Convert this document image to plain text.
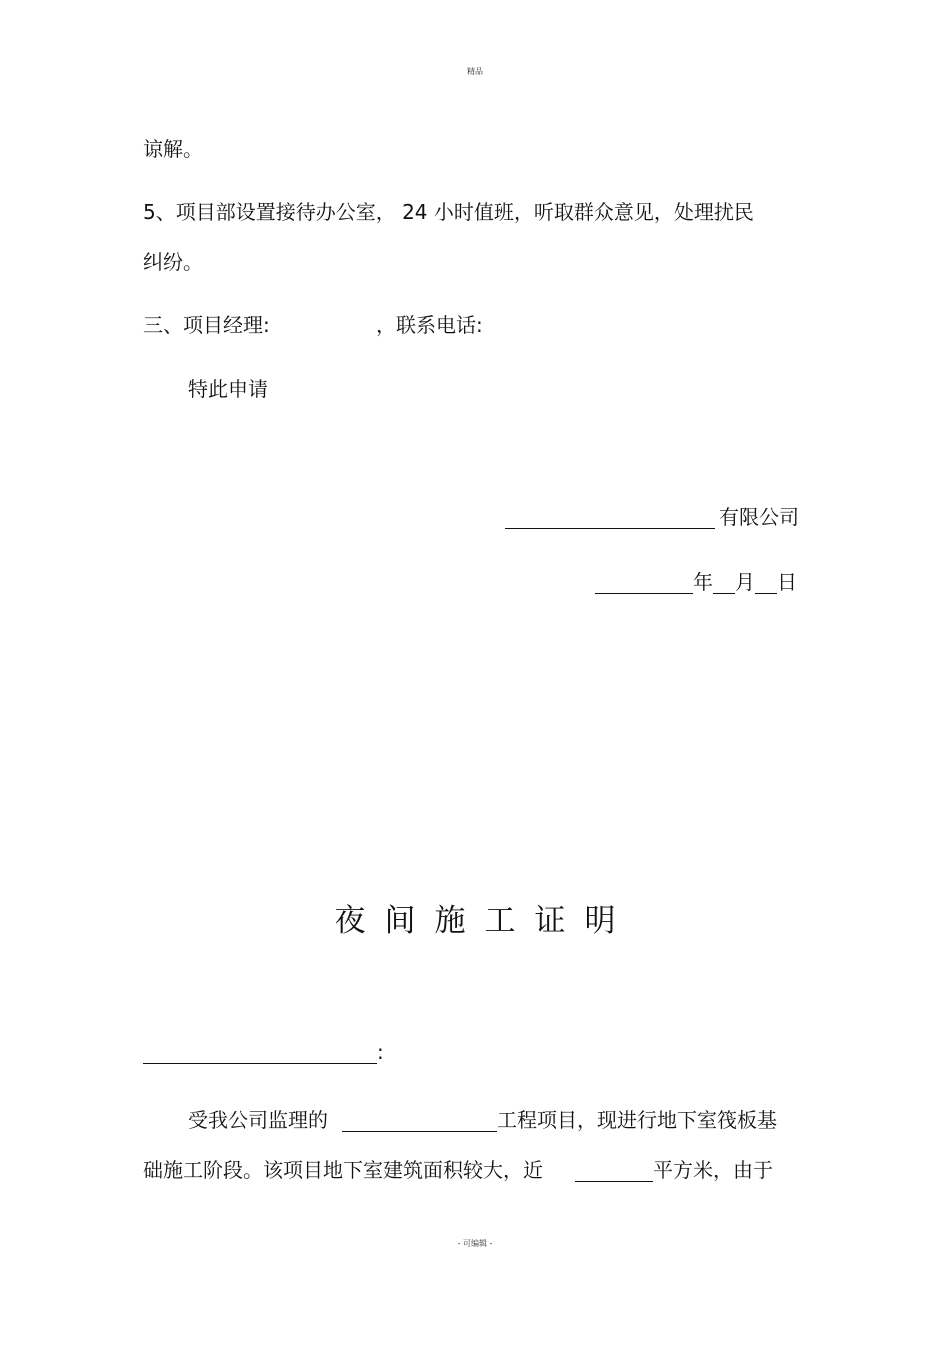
精品
谅解。
5、项目部设置接待办公室， 24 小时值班，听取群众意见，处理扰民
纠纷。
三、项目经理:	，联系电话:
特此申请
有限公司
年 月 日
夜间施工证明
:
受我公司监理的	工程项目，现进行地下室筏板基
础施工阶段。该项目地下室建筑面积较大，近	平方米，由于
- 可编辑 -
